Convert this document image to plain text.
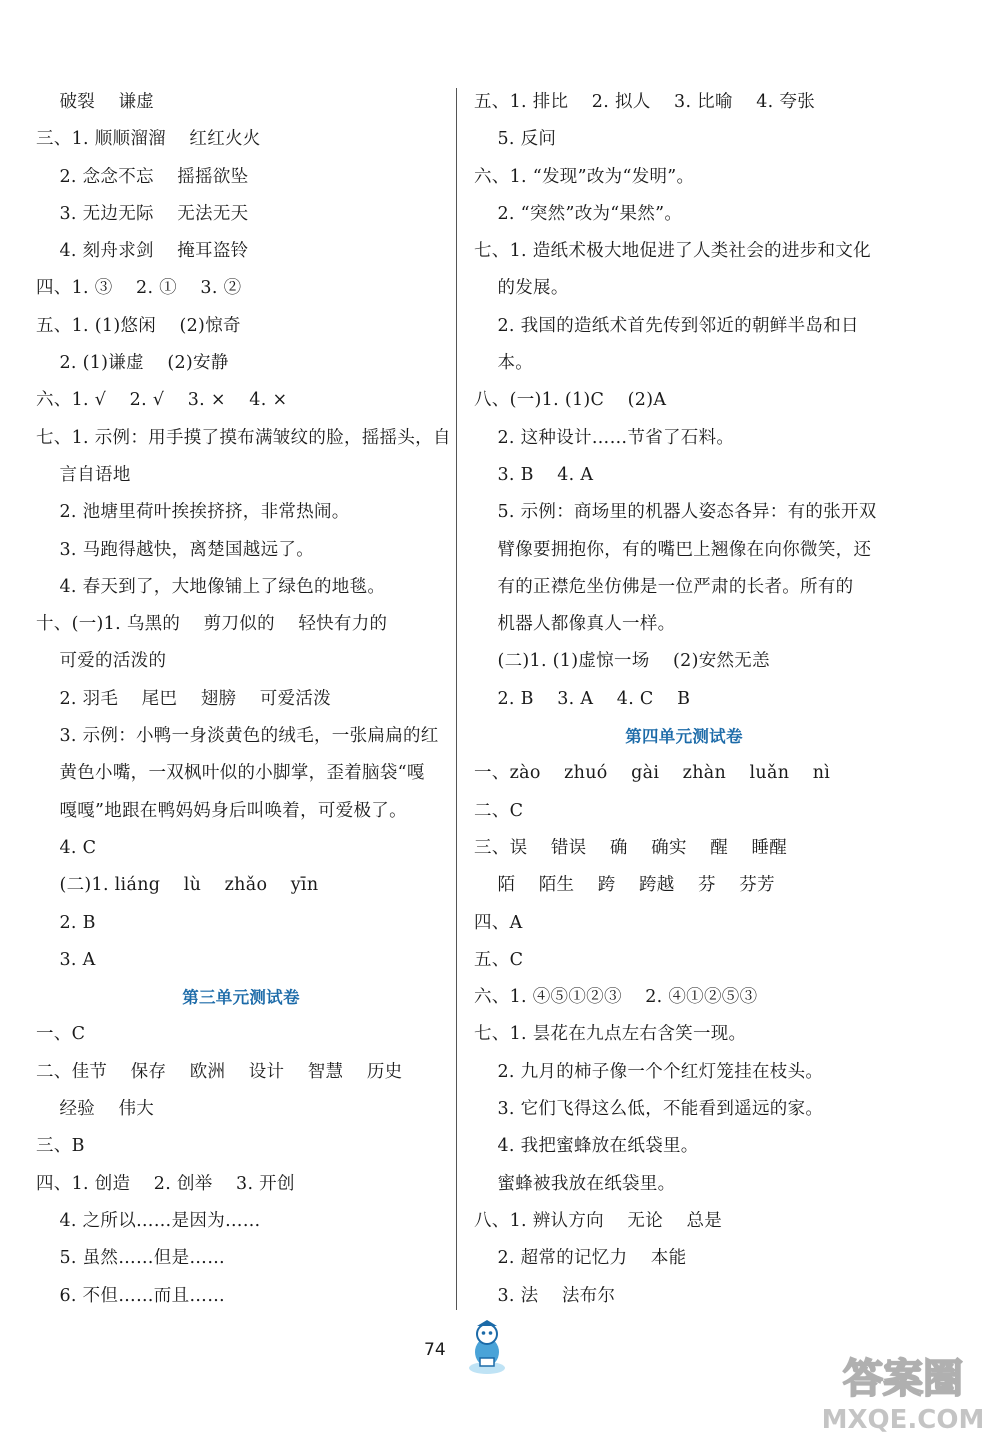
破裂    谦虚
三、1. 顺顺溜溜    红红火火
2. 念念不忘    摇摇欲坠
3. 无边无际    无法无天
4. 刻舟求剑    掩耳盗铃
四、1. ③    2. ①    3. ②
五、1. (1)悠闲    (2)惊奇
2. (1)谦虚    (2)安静
六、1. √    2. √    3. ×    4. ×
七、1. 示例：用手摸了摸布满皱纹的脸，摇摇头，自
言自语地
2. 池塘里荷叶挨挨挤挤，非常热闹。
3. 马跑得越快，离楚国越远了。
4. 春天到了，大地像铺上了绿色的地毯。
十、(一)1. 乌黑的    剪刀似的    轻快有力的
可爱的活泼的
2. 羽毛    尾巴    翅膀    可爱活泼
3. 示例：小鸭一身淡黄色的绒毛，一张扁扁的红
黄色小嘴，一双枫叶似的小脚掌，歪着脑袋“嘎
嘎嘎”地跟在鸭妈妈身后叫唤着，可爱极了。
4. C
(二)1. liáng    lù    zhǎo    yīn
2. B
3. A
第三单元测试卷
一、C
二、佳节    保存    欧洲    设计    智慧    历史
经验    伟大
三、B
四、1. 创造    2. 创举    3. 开创
4. 之所以……是因为……
5. 虽然……但是……
6. 不但……而且……
五、1. 排比    2. 拟人    3. 比喻    4. 夸张
5. 反问
六、1. “发现”改为“发明”。
2. “突然”改为“果然”。
七、1. 造纸术极大地促进了人类社会的进步和文化
的发展。
2. 我国的造纸术首先传到邻近的朝鲜半岛和日
本。
八、(一)1. (1)C    (2)A
2. 这种设计……节省了石料。
3. B    4. A
5. 示例：商场里的机器人姿态各异：有的张开双
臂像要拥抱你，有的嘴巴上翘像在向你微笑，还
有的正襟危坐仿佛是一位严肃的长者。所有的
机器人都像真人一样。
(二)1. (1)虚惊一场    (2)安然无恙
2. B    3. A    4. C    B
第四单元测试卷
一、zào    zhuó    gài    zhàn    luǎn    nì
二、C
三、误    错误    确    确实    醒    睡醒
陌    陌生    跨    跨越    芬    芬芳
四、A
五、C
六、1. ④⑤①②③    2. ④①②⑤③
七、1. 昙花在九点左右含笑一现。
2. 九月的柿子像一个个红灯笼挂在枝头。
3. 它们飞得这么低，不能看到遥远的家。
4. 我把蜜蜂放在纸袋里。
蜜蜂被我放在纸袋里。
八、1. 辨认方向    无论    总是
2. 超常的记忆力    本能
3. 法    法布尔
74
答案圈
MXQE.COM
